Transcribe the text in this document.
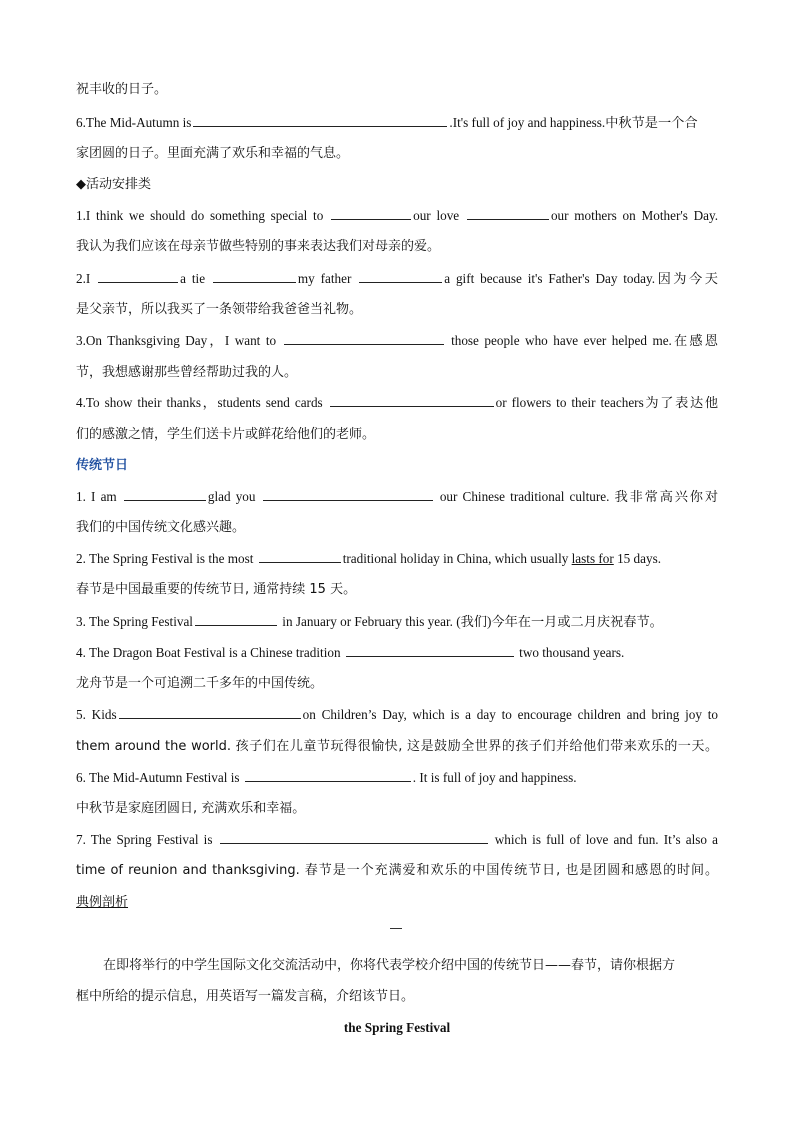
祝丰收的日子。
6.The Mid-Autumn is	.It's full of joy and happiness.中秋节是一个合
家团圆的日子。里面充满了欢乐和幸福的气息。
◆活动安排类
1.I think we should do something special to	our love	our mothers on Mother's Day.
我认为我们应该在母亲节做些特别的事来表达我们对母亲的爱。
2.I	a tie	my father	a gift because it's Father's Day today.因为今天
是父亲节，所以我买了一条领带给我爸爸当礼物。
3.On Thanksgiving Day，I want to	those people who have ever helped me.在感恩
节，我想感谢那些曾经帮助过我的人。
4.To show their thanks，students send cards	or flowers to their teachers为了表达他
们的感激之情，学生们送卡片或鲜花给他们的老师。
传统节日
1. I am	glad you	our Chinese traditional culture. 我非常高兴你对
我们的中国传统文化感兴趣。
2. The Spring Festival is the most	traditional holiday in China, which usually lasts for 15 days.
春节是中国最重要的传统节日, 通常持续 15 天。
3. The Spring Festival	in January or February this year. (我们)今年在一月或二月庆祝春节。
4. The Dragon Boat Festival is a Chinese tradition	two thousand years.
龙舟节是一个可追溯二千多年的中国传统。
5. Kids	on Children’s Day, which is a day to encourage children and bring joy to
them around the world. 孩子们在儿童节玩得很愉快, 这是鼓励全世界的孩子们并给他们带来欢乐的一天。
6. The Mid-Autumn Festival is	. It is full of joy and happiness.
中秋节是家庭团圆日, 充满欢乐和幸福。
7. The Spring Festival is	which is full of love and fun. It’s also a
time of reunion and thanksgiving. 春节是一个充满爱和欢乐的中国传统节日, 也是团圆和感恩的时间。
典例剖析
在即将举行的中学生国际文化交流活动中，你将代表学校介绍中国的传统节日——春节，请你根据方
框中所给的提示信息，用英语写一篇发言稿，介绍该节日。
the Spring Festival
